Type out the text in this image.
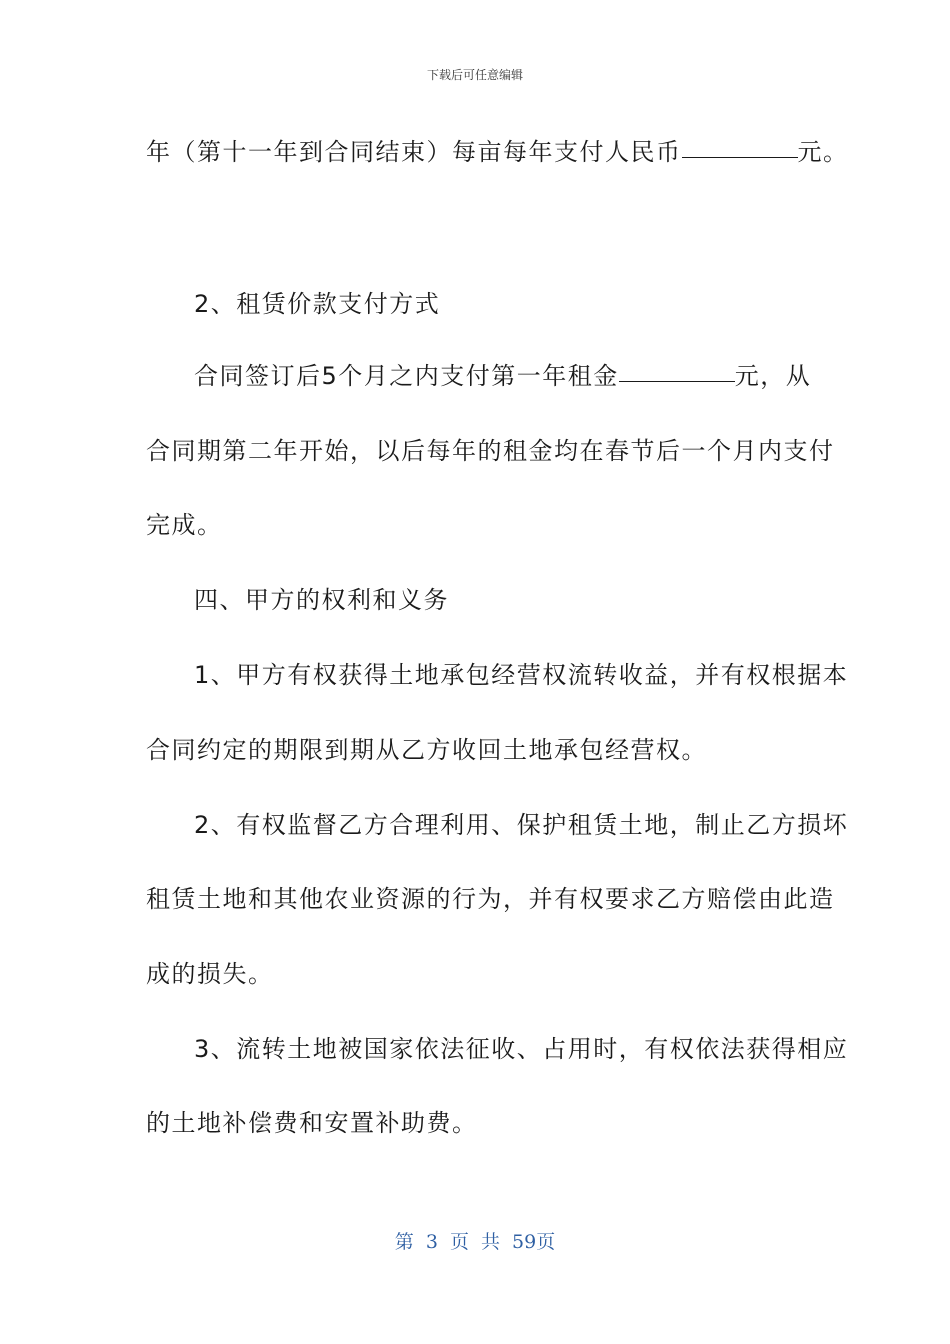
下载后可任意编辑
年（第十一年到合同结束）每亩每年支付人民币	元。
2、租赁价款支付方式
合同签订后5个月之内支付第一年租金	元，从
合同期第二年开始，以后每年的租金均在春节后一个月内支付
完成。
四、甲方的权利和义务
1、甲方有权获得土地承包经营权流转收益，并有权根据本
合同约定的期限到期从乙方收回土地承包经营权。
2、有权监督乙方合理利用、保护租赁土地，制止乙方损坏
租赁土地和其他农业资源的行为，并有权要求乙方赔偿由此造
成的损失。
3、流转土地被国家依法征收、占用时，有权依法获得相应
的土地补偿费和安置补助费。
第 3 页 共 59页
